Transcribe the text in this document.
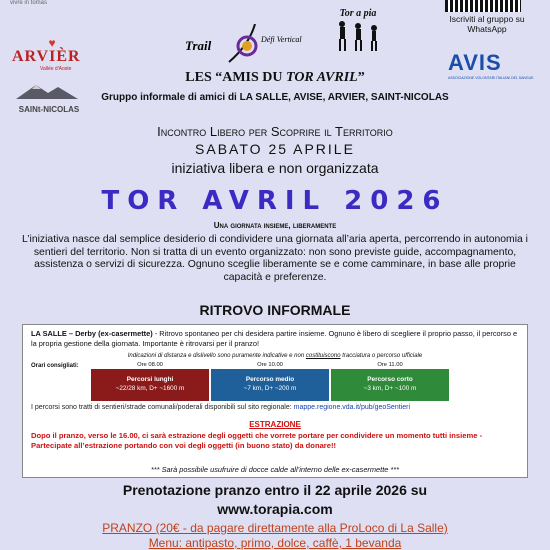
vivre in tomas
♥
ARVIÈR
Vallée d'Aoste
SAINt-NICOLAS
Trail	Défi Vertical
Tor a pia	Iscriviti al gruppo su WhatsApp
AVIS
ASSOCIAZIONE VOLONTARI ITALIANI DEL SANGUE
LES “AMIS DU TOR AVRIL”
Gruppo informale di amici di LA SALLE, AVISE, ARVIER, SAINT-NICOLAS
Incontro Libero per Scoprire il Territorio
SABATO 25 APRILE
iniziativa libera e non organizzata
TOR AVRIL 2026
Una giornata insieme, liberamente
L’iniziativa nasce dal semplice desiderio di condividere una giornata all’aria aperta, percorrendo in autonomia i sentieri del territorio. Non si tratta di un evento organizzato: non sono previste guide, accompagnamento, assistenza o servizi di sicurezza. Ognuno sceglie liberamente se e come camminare, in base alle proprie capacità e preferenze.
RITROVO INFORMALE
LA SALLE – Derby (ex-casermette) - Ritrovo spontaneo per chi desidera partire insieme. Ognuno è libero di scegliere il proprio passo, il percorso e la propria gestione della giornata. Importante è ritrovarsi per il pranzo!
Indicazioni di distanza e dislivello sono puramente indicative e non costituiscono tracciatura o percorso ufficiale
Orari consigliati:	Ore 08.00
Percorsi lunghi
~22/28 km, D+ ~1600 m
Ore 10.00
Percorso medio
~7 km, D+ ~200 m
Ore 11.00
Percorso corto
~3 km, D+ ~100 m
I percorsi sono tratti di sentieri/strade comunali/poderali disponibili sul sito regionale: mappe.regione.vda.it/pub/geoSentieri
ESTRAZIONE
Dopo il pranzo, verso le 16.00, ci sarà estrazione degli oggetti che vorrete portare per condividere un momento tutti insieme - Partecipate all’estrazione portando con voi degli oggetti (in buono stato) da donare!!
*** Sarà possibile usufruire di docce calde all’interno delle ex-casermette ***
Prenotazione pranzo entro il 22 aprile 2026 su
www.torapia.com
PRANZO (20€ - da pagare direttamente alla ProLoco di La Salle)
Menu: antipasto, primo, dolce, caffè, 1 bevanda
